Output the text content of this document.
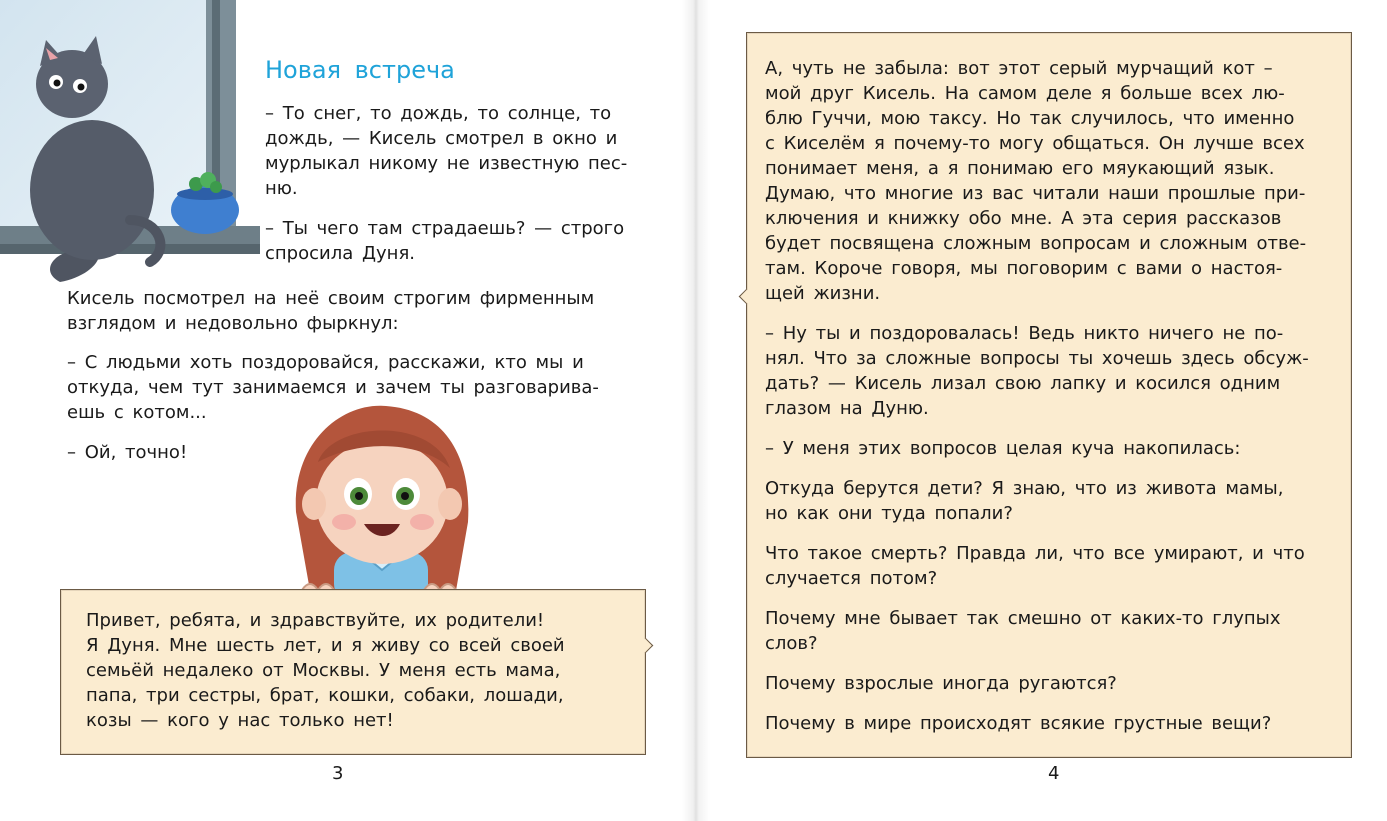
Новая встреча
– То снег, то дождь, то солнце, то
дождь, — Кисель смотрел в окно и
мурлыкал никому не известную пес-
ню.
– Ты чего там страдаешь? — строго
спросила Дуня.
Кисель посмотрел на неё своим строгим фирменным
взглядом и недовольно фыркнул:
– С людьми хоть поздоровайся, расскажи, кто мы и
откуда, чем тут занимаемся и зачем ты разговарива-
ешь с котом...
– Ой, точно!
Привет, ребята, и здравствуйте, их родители!
Я Дуня. Мне шесть лет, и я живу со всей своей
семьёй недалеко от Москвы. У меня есть мама,
папа, три сестры, брат, кошки, собаки, лошади,
козы — кого у нас только нет!
3
А, чуть не забыла: вот этот серый мурчащий кот –
мой друг Кисель. На самом деле я больше всех лю-
блю Гуччи, мою таксу. Но так случилось, что именно
с Киселём я почему-то могу общаться. Он лучше всех
понимает меня, а я понимаю его мяукающий язык.
Думаю, что многие из вас читали наши прошлые при-
ключения и книжку обо мне. А эта серия рассказов
будет посвящена сложным вопросам и сложным отве-
там. Короче говоря, мы поговорим с вами о настоя-
щей жизни.
– Ну ты и поздоровалась! Ведь никто ничего не по-
нял. Что за сложные вопросы ты хочешь здесь обсуж-
дать? — Кисель лизал свою лапку и косился одним
глазом на Дуню.
– У меня этих вопросов целая куча накопилась:
Откуда берутся дети? Я знаю, что из живота мамы,
но как они туда попали?
Что такое смерть? Правда ли, что все умирают, и что
случается потом?
Почему мне бывает так смешно от каких-то глупых
слов?
Почему взрослые иногда ругаются?
Почему в мире происходят всякие грустные вещи?
4
